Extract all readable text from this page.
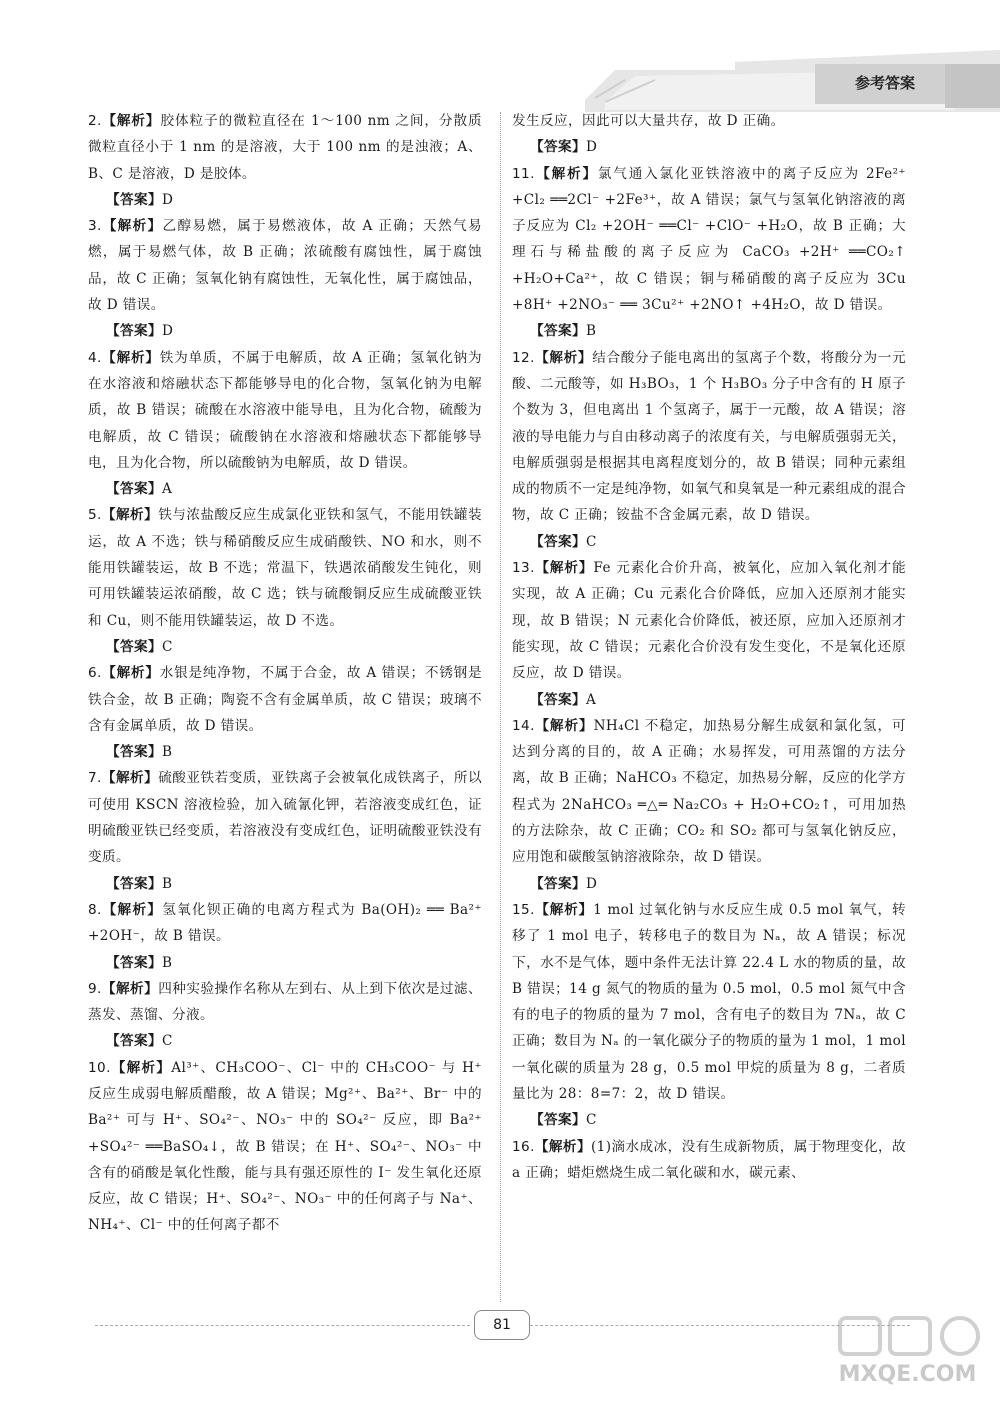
参考答案

2.【解析】胶体粒子的微粒直径在 1～100 nm 之间，分散质微粒直径小于 1 nm 的是溶液，大于 100 nm 的是浊液；A、B、C 是溶液，D 是胶体。

【答案】D

3.【解析】乙醇易燃，属于易燃液体，故 A 正确；天然气易燃，属于易燃气体，故 B 正确；浓硫酸有腐蚀性，属于腐蚀品，故 C 正确；氢氧化钠有腐蚀性，无氧化性，属于腐蚀品，故 D 错误。

【答案】D

4.【解析】铁为单质，不属于电解质，故 A 正确；氢氧化钠为在水溶液和熔融状态下都能够导电的化合物，氢氧化钠为电解质，故 B 错误；硫酸在水溶液中能导电，且为化合物，硫酸为电解质，故 C 错误；硫酸钠在水溶液和熔融状态下都能够导电，且为化合物，所以硫酸钠为电解质，故 D 错误。

【答案】A

5.【解析】铁与浓盐酸反应生成氯化亚铁和氢气，不能用铁罐装运，故 A 不选；铁与稀硝酸反应生成硝酸铁、NO 和水，则不能用铁罐装运，故 B 不选；常温下，铁遇浓硝酸发生钝化，则可用铁罐装运浓硝酸，故 C 选；铁与硫酸铜反应生成硫酸亚铁和 Cu，则不能用铁罐装运，故 D 不选。

【答案】C

6.【解析】水银是纯净物，不属于合金，故 A 错误；不锈钢是铁合金，故 B 正确；陶瓷不含有金属单质，故 C 错误；玻璃不含有金属单质，故 D 错误。

【答案】B

7.【解析】硫酸亚铁若变质，亚铁离子会被氧化成铁离子，所以可使用 KSCN 溶液检验，加入硫氰化钾，若溶液变成红色，证明硫酸亚铁已经变质，若溶液没有变成红色，证明硫酸亚铁没有变质。

【答案】B

8.【解析】氢氧化钡正确的电离方程式为 Ba(OH)₂ ══ Ba²⁺ +2OH⁻，故 B 错误。

【答案】B

9.【解析】四种实验操作名称从左到右、从上到下依次是过滤、蒸发、蒸馏、分液。

【答案】C

10.【解析】Al³⁺、CH₃COO⁻、Cl⁻ 中的 CH₃COO⁻ 与 H⁺ 反应生成弱电解质醋酸，故 A 错误；Mg²⁺、Ba²⁺、Br⁻ 中的 Ba²⁺ 可与 H⁺、SO₄²⁻、NO₃⁻ 中的 SO₄²⁻ 反应，即 Ba²⁺ +SO₄²⁻ ══BaSO₄↓，故 B 错误；在 H⁺、SO₄²⁻、NO₃⁻ 中含有的硝酸是氧化性酸，能与具有强还原性的 I⁻ 发生氧化还原反应，故 C 错误；H⁺、SO₄²⁻、NO₃⁻ 中的任何离子与 Na⁺、NH₄⁺、Cl⁻ 中的任何离子都不

发生反应，因此可以大量共存，故 D 正确。

【答案】D

11.【解析】氯气通入氯化亚铁溶液中的离子反应为 2Fe²⁺ +Cl₂ ══2Cl⁻ +2Fe³⁺，故 A 错误；氯气与氢氧化钠溶液的离子反应为 Cl₂ +2OH⁻ ══Cl⁻ +ClO⁻ +H₂O，故 B 正确；大理石与稀盐酸的离子反应为 CaCO₃ +2H⁺ ══CO₂↑ +H₂O+Ca²⁺，故 C 错误；铜与稀硝酸的离子反应为 3Cu +8H⁺ +2NO₃⁻ ══ 3Cu²⁺ +2NO↑ +4H₂O，故 D 错误。

【答案】B

12.【解析】结合酸分子能电离出的氢离子个数，将酸分为一元酸、二元酸等，如 H₃BO₃，1 个 H₃BO₃ 分子中含有的 H 原子个数为 3，但电离出 1 个氢离子，属于一元酸，故 A 错误；溶液的导电能力与自由移动离子的浓度有关，与电解质强弱无关，电解质强弱是根据其电离程度划分的，故 B 错误；同种元素组成的物质不一定是纯净物，如氧气和臭氧是一种元素组成的混合物，故 C 正确；铵盐不含金属元素，故 D 错误。

【答案】C

13.【解析】Fe 元素化合价升高，被氧化，应加入氧化剂才能实现，故 A 正确；Cu 元素化合价降低，应加入还原剂才能实现，故 B 错误；N 元素化合价降低，被还原，应加入还原剂才能实现，故 C 错误；元素化合价没有发生变化，不是氧化还原反应，故 D 错误。

【答案】A

14.【解析】NH₄Cl 不稳定，加热易分解生成氨和氯化氢，可达到分离的目的，故 A 正确；水易挥发，可用蒸馏的方法分离，故 B 正确；NaHCO₃ 不稳定，加热易分解，反应的化学方程式为 2NaHCO₃ ═△═ Na₂CO₃ + H₂O+CO₂↑，可用加热的方法除杂，故 C 正确；CO₂ 和 SO₂ 都可与氢氧化钠反应，应用饱和碳酸氢钠溶液除杂，故 D 错误。

【答案】D

15.【解析】1 mol 过氧化钠与水反应生成 0.5 mol 氧气，转移了 1 mol 电子，转移电子的数目为 Nₐ，故 A 错误；标况下，水不是气体，题中条件无法计算 22.4 L 水的物质的量，故 B 错误；14 g 氮气的物质的量为 0.5 mol，0.5 mol 氮气中含有的电子的物质的量为 7 mol，含有电子的数目为 7Nₐ，故 C 正确；数目为 Nₐ 的一氧化碳分子的物质的量为 1 mol，1 mol 一氧化碳的质量为 28 g，0.5 mol 甲烷的质量为 8 g，二者质量比为 28：8=7：2，故 D 错误。

【答案】C

16.【解析】(1)滴水成冰，没有生成新物质，属于物理变化，故 a 正确；蜡炬燃烧生成二氧化碳和水，碳元素、

81
MXQE.COM
